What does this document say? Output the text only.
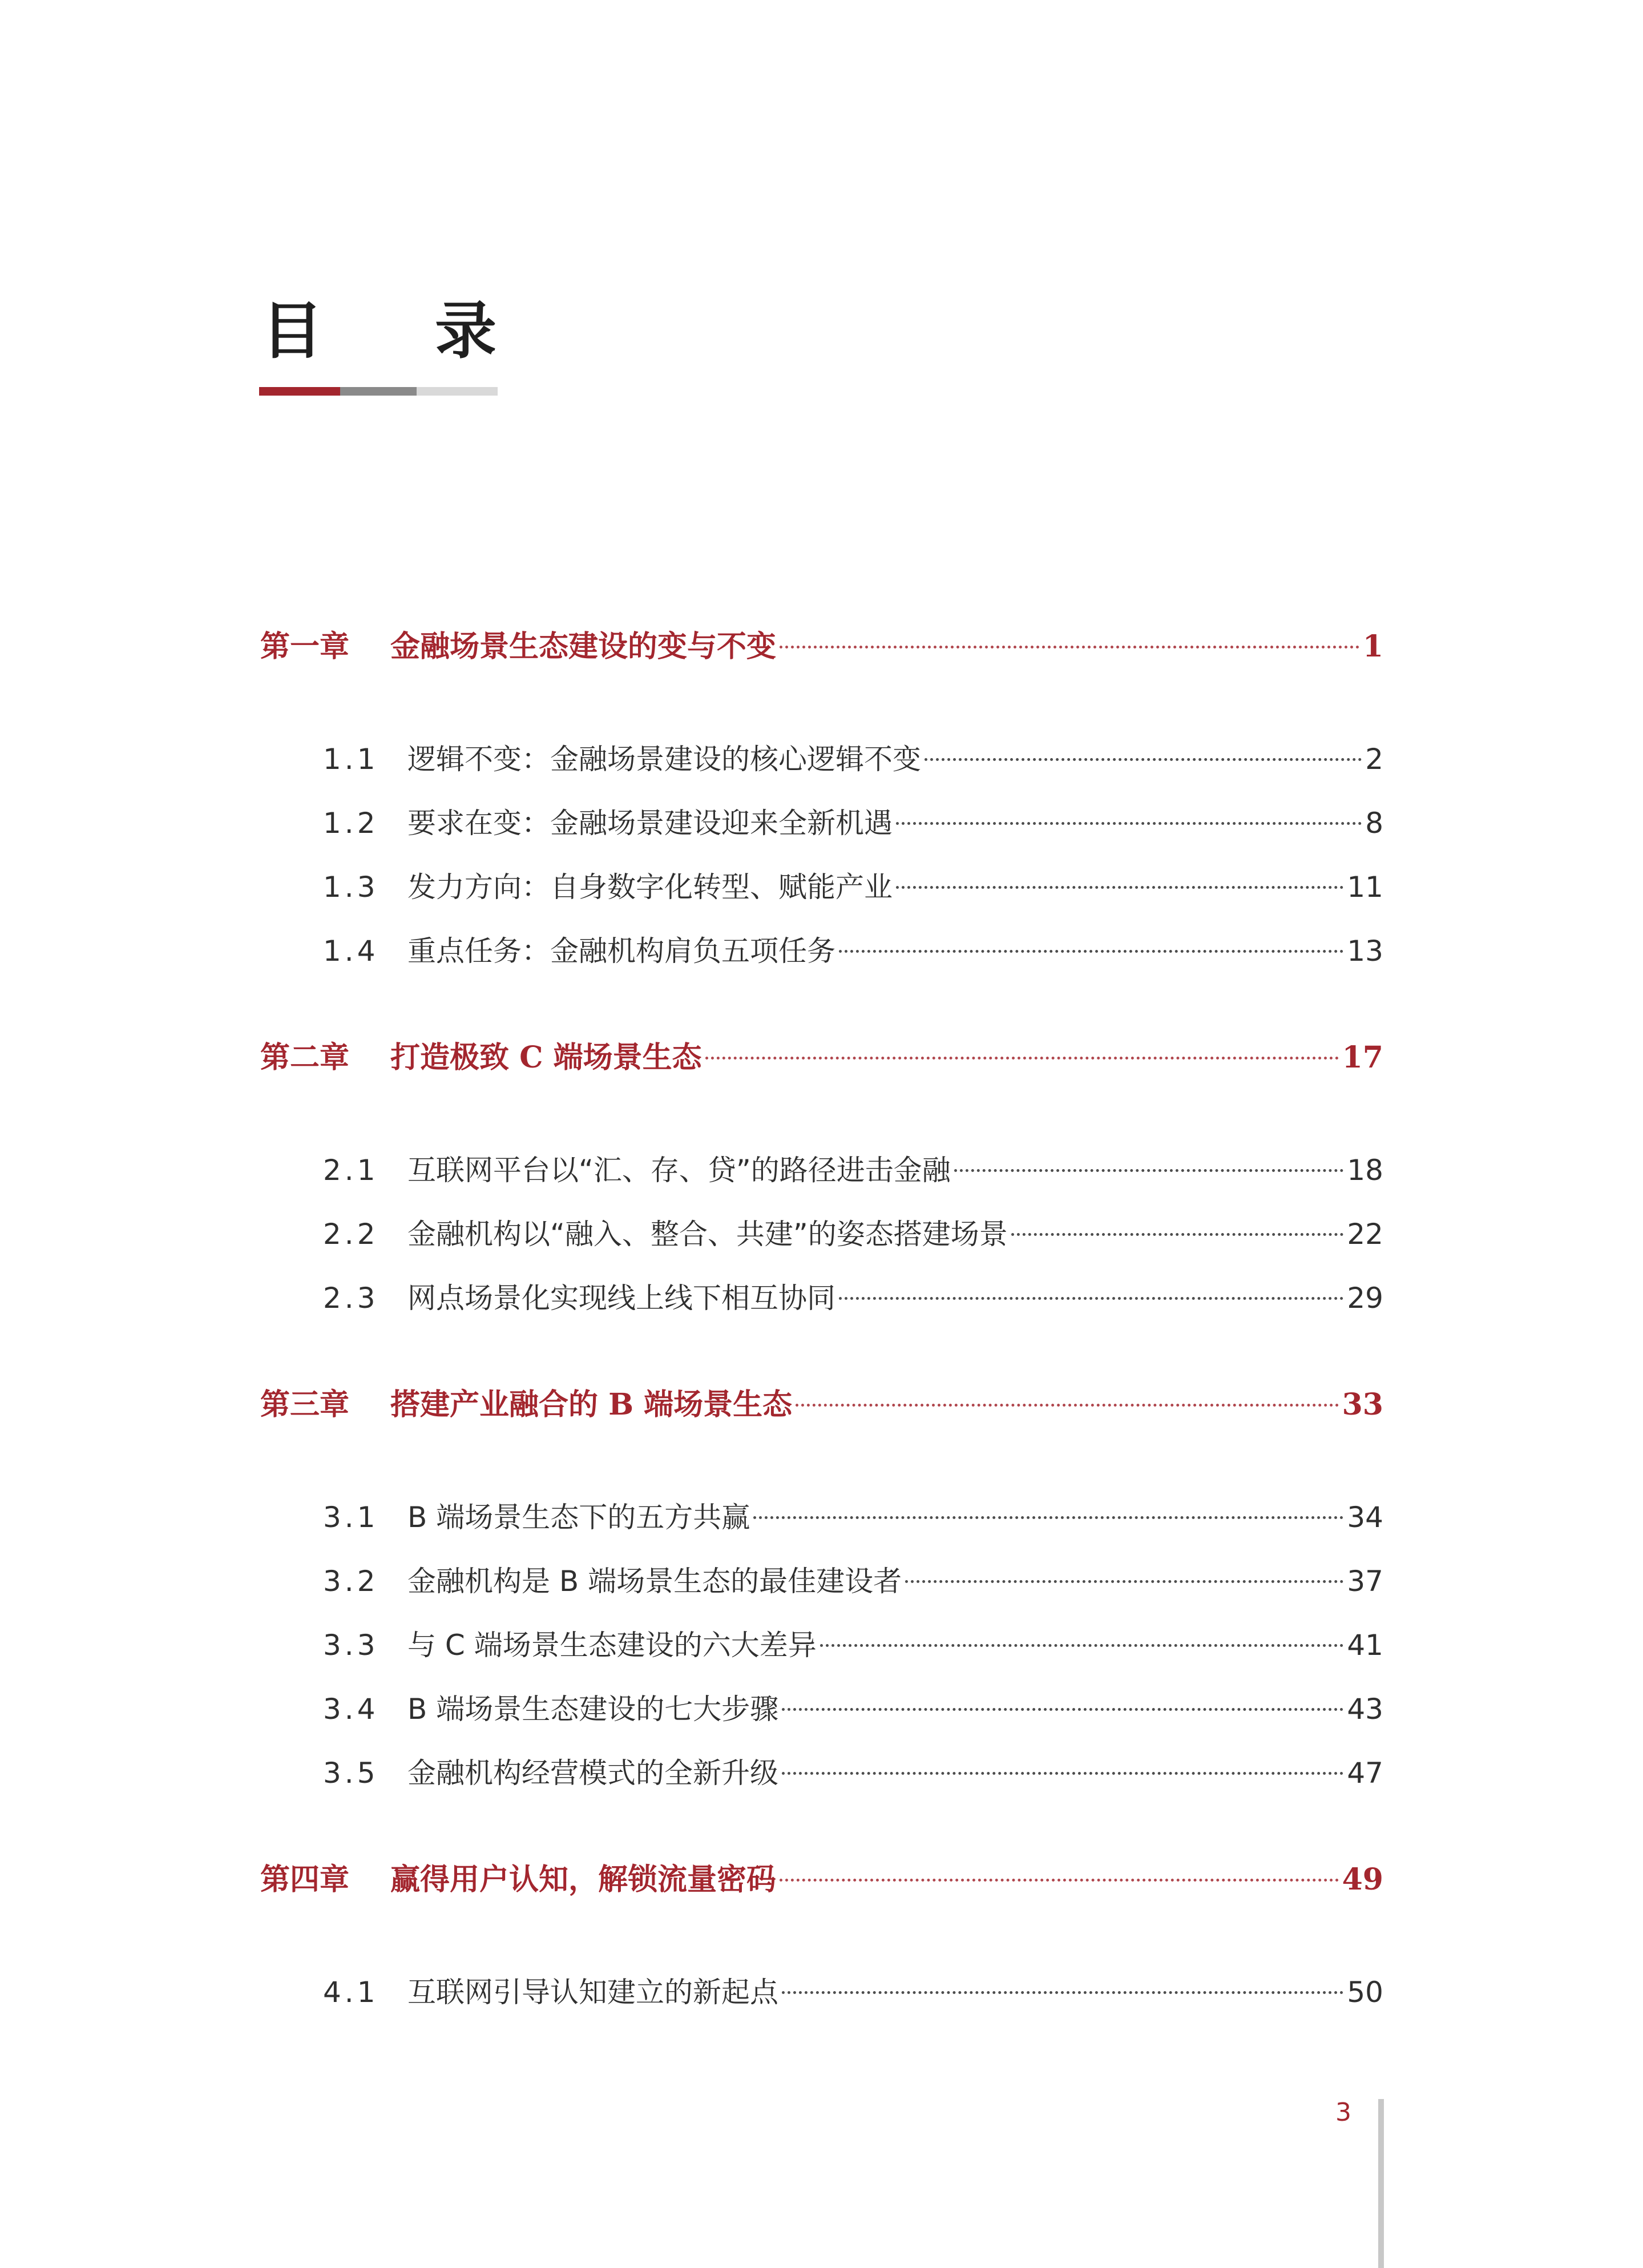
目 录
第一章	金融场景生态建设的变与不变	1
1.1	逻辑不变：金融场景建设的核心逻辑不变	2
1.2	要求在变：金融场景建设迎来全新机遇	8
1.3	发力方向：自身数字化转型、赋能产业	11
1.4	重点任务：金融机构肩负五项任务	13
第二章	打造极致 C 端场景生态	17
2.1	互联网平台以“汇、存、贷”的路径进击金融	18
2.2	金融机构以“融入、整合、共建”的姿态搭建场景	22
2.3	网点场景化实现线上线下相互协同	29
第三章	搭建产业融合的 B 端场景生态	33
3.1	B 端场景生态下的五方共赢	34
3.2	金融机构是 B 端场景生态的最佳建设者	37
3.3	与 C 端场景生态建设的六大差异	41
3.4	B 端场景生态建设的七大步骤	43
3.5	金融机构经营模式的全新升级	47
第四章	赢得用户认知，解锁流量密码	49
4.1	互联网引导认知建立的新起点	50
3
